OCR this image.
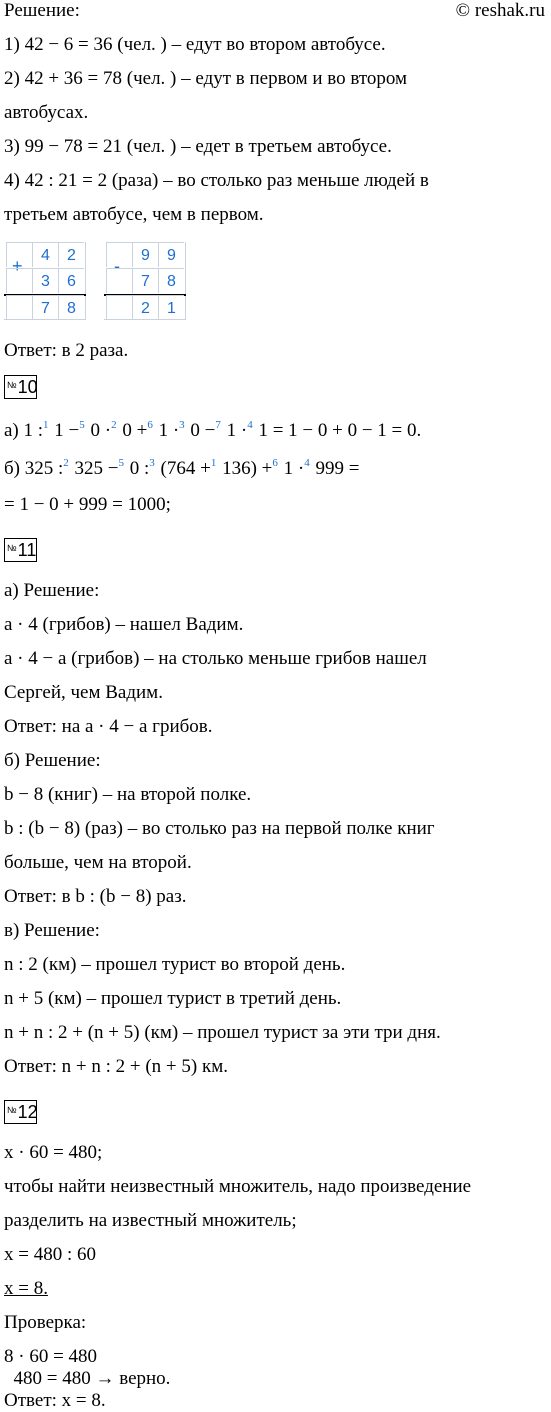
Решение:	© reshak.ru
1) 42 − 6 = 36 (чел. ) – едут во втором автобусе.
2) 42 + 36 = 78 (чел. ) – едут в первом и во втором
автобусах.
3) 99 − 78 = 21 (чел. ) – едет в третьем автобусе.
4) 42 : 21 = 2 (раза) – во столько раз меньше людей в
третьем автобусе, чем в первом.
+
4	2
3	6
7	8
-
9	9
7	8
2	1
Ответ: в 2 раза.
№10
а) 1 :$^1$ 1 −$^5$ 0 ·$^2$ 0 +$^6$ 1 ·$^3$ 0 −$^7$ 1 ·$^4$ 1 = 1 − 0 + 0 − 1 = 0.
б) 325 :$^2$ 325 −$^5$ 0 :$^3$ (764 +$^1$ 136) +$^6$ 1 ·$^4$ 999 =
= 1 − 0 + 999 = 1000;
№11
а) Решение:
a · 4 (грибов) – нашел Вадим.
a · 4 − a (грибов) – на столько меньше грибов нашел
Сергей, чем Вадим.
Ответ: на a · 4 − a грибов.
б) Решение:
b − 8 (книг) – на второй полке.
b : (b − 8) (раз) – во столько раз на первой полке книг
больше, чем на второй.
Ответ: в b : (b − 8) раз.
в) Решение:
n : 2 (км) – прошел турист во второй день.
n + 5 (км) – прошел турист в третий день.
n + n : 2 + (n + 5) (км) – прошел турист за эти три дня.
Ответ: n + n : 2 + (n + 5) км.
№12
x · 60 = 480;
чтобы найти неизвестный множитель, надо произведение
разделить на известный множитель;
x = 480 : 60
x = 8.
Проверка:
8 · 60 = 480
480 = 480 → верно.
Ответ: x = 8.
